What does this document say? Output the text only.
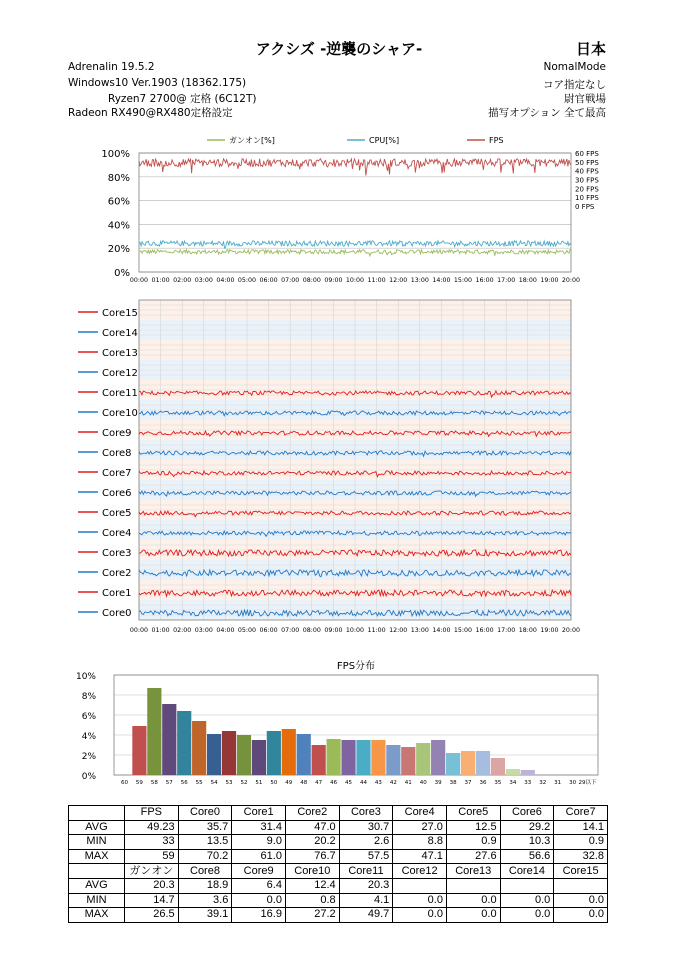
アクシズ -逆襲のシャア-	日本
Adrenalin 19.5.2	NomalMode
Windows10 Ver.1903 (18362.175)	コア指定なし
Ryzen7 2700@ 定格 (6C12T)	尉官戦場
Radeon RX490@RX480定格設定	描写オプション 全て最高
ガンオン[%]	CPU[%]	FPS
100%
80%
60%
40%
20%
0%
60 FPS
50 FPS
40 FPS
30 FPS
20 FPS
10 FPS
0 FPS
00:00 01:00 02:00 03:00 04:00 05:00 06:00 07:00 08:00 09:00 10:00 11:00 12:00 13:00 14:00 15:00 16:00 17:00 18:00 19:00 20:00
00:00 01:00 02:00 03:00 04:00 05:00 06:00 07:00 08:00 09:00 10:00 11:00 12:00 13:00 14:00 15:00 16:00 17:00 18:00 19:00 20:00
Core15
Core14
Core13
Core12
Core11
Core10
Core9
Core8
Core7
Core6
Core5
Core4
Core3
Core2
Core1
Core0
FPS分布
10%
8%
6%
4%
2%
0%
60 59 58 57 56 55 54 53 52 51 50 49 48 47 46 45 44 43 42 41 40 39 38 37 36 35 34 33 32 31 30 29以下
	FPS	Core0	Core1	Core2	Core3	Core4	Core5	Core6	Core7
AVG	49.23	35.7	31.4	47.0	30.7	27.0	12.5	29.2	14.1
MIN	33	13.5	9.0	20.2	2.6	8.8	0.9	10.3	0.9
MAX	59	70.2	61.0	76.7	57.5	47.1	27.6	56.6	32.8
	ガンオン	Core8	Core9	Core10	Core11	Core12	Core13	Core14	Core15
AVG	20.3	18.9	6.4	12.4	20.3				
MIN	14.7	3.6	0.0	0.8	4.1	0.0	0.0	0.0	0.0
MAX	26.5	39.1	16.9	27.2	49.7	0.0	0.0	0.0	0.0
